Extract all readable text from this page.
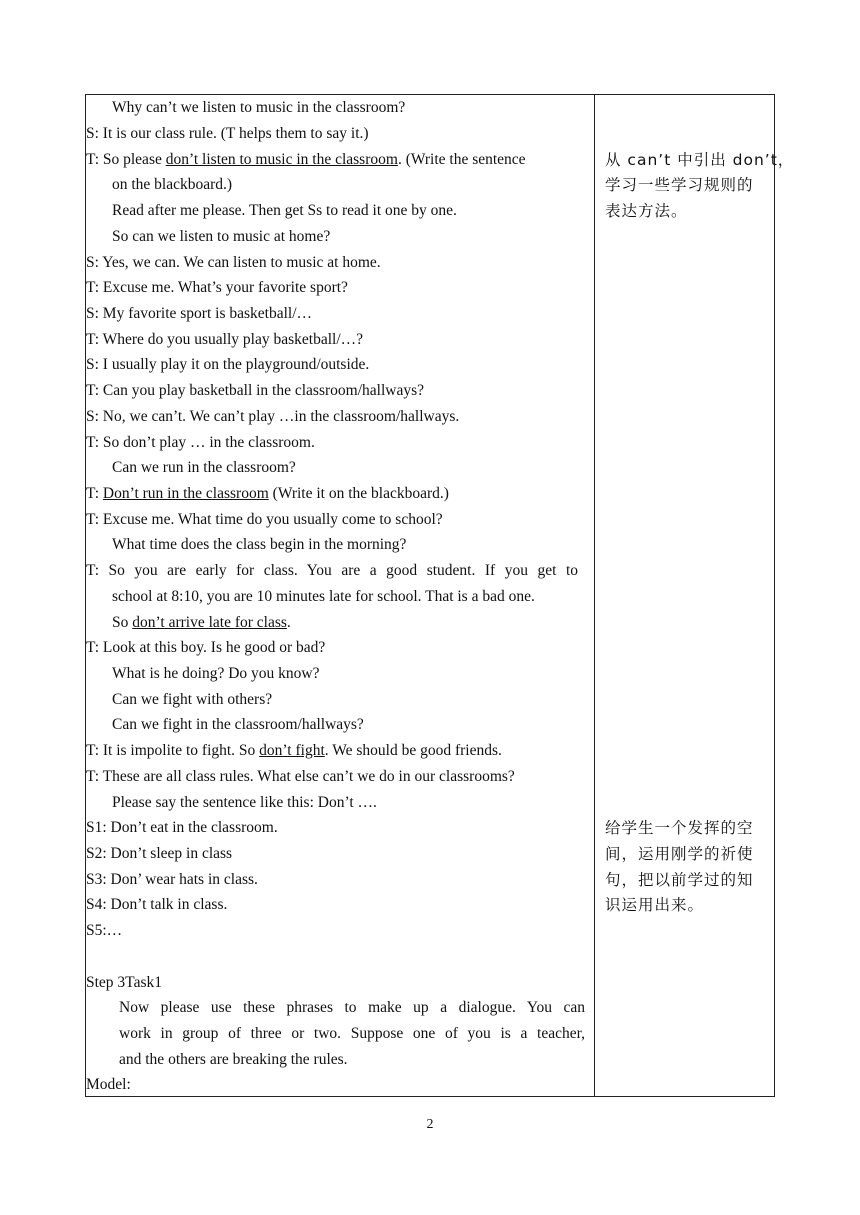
Why can’t we listen to music in the classroom?
S: It is our class rule. (T helps them to say it.)
T: So please don’t listen to music in the classroom. (Write the sentence
on the blackboard.)
Read after me please. Then get Ss to read it one by one.
So can we listen to music at home?
S: Yes, we can. We can listen to music at home.
T: Excuse me. What’s your favorite sport?
S: My favorite sport is basketball/…
T: Where do you usually play basketball/…?
S: I usually play it on the playground/outside.
T: Can you play basketball in the classroom/hallways?
S: No, we can’t. We can’t play …in the classroom/hallways.
T: So don’t play … in the classroom.
Can we run in the classroom?
T: Don’t run in the classroom (Write it on the blackboard.)
T: Excuse me. What time do you usually come to school?
What time does the class begin in the morning?
T: So you are early for class. You are a good student. If you get to
school at 8:10, you are 10 minutes late for school. That is a bad one.
So don’t arrive late for class.
T: Look at this boy. Is he good or bad?
What is he doing? Do you know?
Can we fight with others?
Can we fight in the classroom/hallways?
T: It is impolite to fight. So don’t fight. We should be good friends.
T: These are all class rules. What else can’t we do in our classrooms?
Please say the sentence like this: Don’t ….
S1: Don’t eat in the classroom.
S2: Don’t sleep in class
S3: Don’ wear hats in class.
S4: Don’t talk in class.
S5:…
Step 3Task1
Now please use these phrases to make up a dialogue. You can
work in group of three or two. Suppose one of you is a teacher,
and the others are breaking the rules.
Model:
从 can’t 中引出 don’t，
学习一些学习规则的
表达方法。
给学生一个发挥的空
间，运用刚学的祈使
句，把以前学过的知
识运用出来。
2
